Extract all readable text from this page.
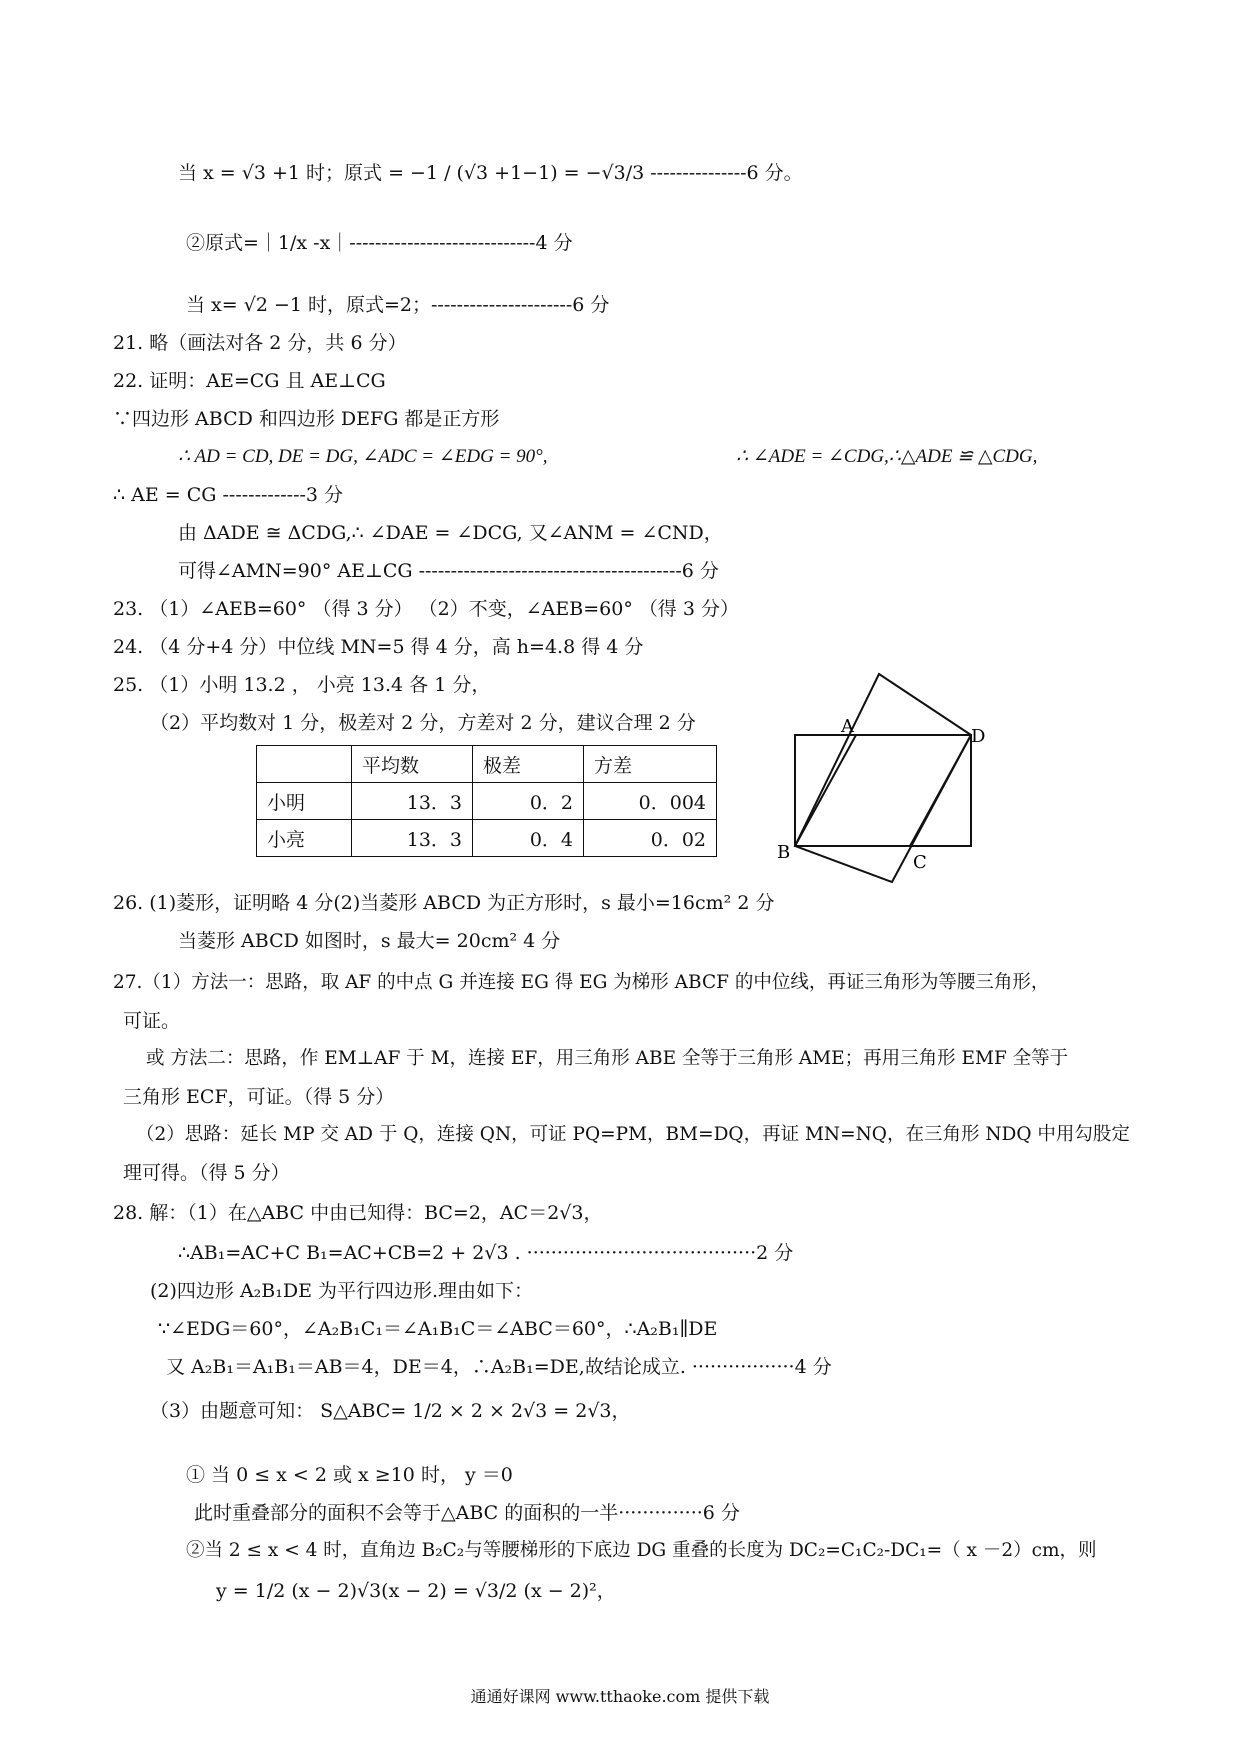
当 x = √3 +1 时；原式 = −1 / (√3 +1−1) = −√3/3 ---------------6 分。
②原式=｜1/x -x｜-----------------------------4 分
当 x= √2 −1 时，原式=2；----------------------6 分
21. 略（画法对各 2 分，共 6 分）
22. 证明：AE=CG 且 AE⊥CG
∵四边形 ABCD 和四边形 DEFG 都是正方形
∴ AD = CD, DE = DG, ∠ADC = ∠EDG = 90°,	∴ ∠ADE = ∠CDG,∴△ADE ≌ △CDG,
∴ AE = CG -------------3 分
由 ΔADE ≅ ΔCDG,∴ ∠DAE = ∠DCG, 又∠ANM = ∠CND，
可得∠AMN=90° AE⊥CG -----------------------------------------6 分
23. （1）∠AEB=60° （得 3 分） （2）不变，∠AEB=60° （得 3 分）
24. （4 分+4 分）中位线 MN=5 得 4 分，高 h=4.8 得 4 分
25. （1）小明 13.2 ， 小亮 13.4 各 1 分，
（2）平均数对 1 分，极差对 2 分，方差对 2 分，建议合理 2 分
	平均数	极差	方差
小明	13．3	0．2	0．004
小亮	13．3	0．4	0．02
A	D
B	C
26. (1)菱形，证明略 4 分(2)当菱形 ABCD 为正方形时，s 最小=16cm² 2 分
当菱形 ABCD 如图时，s 最大= 20cm² 4 分
27.（1）方法一：思路，取 AF 的中点 G 并连接 EG 得 EG 为梯形 ABCF 的中位线，再证三角形为等腰三角形，
可证。
或 方法二：思路，作 EM⊥AF 于 M，连接 EF，用三角形 ABE 全等于三角形 AME；再用三角形 EMF 全等于
三角形 ECF，可证。（得 5 分）
（2）思路：延长 MP 交 AD 于 Q，连接 QN，可证 PQ=PM，BM=DQ，再证 MN=NQ，在三角形 NDQ 中用勾股定
理可得。（得 5 分）
28. 解：（1）在△ABC 中由已知得：BC=2，AC＝2√3，
∴AB₁=AC+C B₁=AC+CB=2 + 2√3 . ······································2 分
(2)四边形 A₂B₁DE 为平行四边形.理由如下：
∵∠EDG＝60°，∠A₂B₁C₁＝∠A₁B₁C＝∠ABC＝60°，∴A₂B₁∥DE
又 A₂B₁＝A₁B₁＝AB＝4，DE＝4，∴A₂B₁=DE,故结论成立. ·················4 分
（3）由题意可知： S△ABC= 1/2 × 2 × 2√3 = 2√3，
① 当 0 ≤ x < 2 或 x ≥10 时， y ＝0
此时重叠部分的面积不会等于△ABC 的面积的一半··············6 分
②当 2 ≤ x < 4 时，直角边 B₂C₂与等腰梯形的下底边 DG 重叠的长度为 DC₂=C₁C₂-DC₁=（ x －2）cm，则
y = 1/2 (x − 2)√3(x − 2) = √3/2 (x − 2)²，
通通好课网 www.tthaoke.com 提供下载
